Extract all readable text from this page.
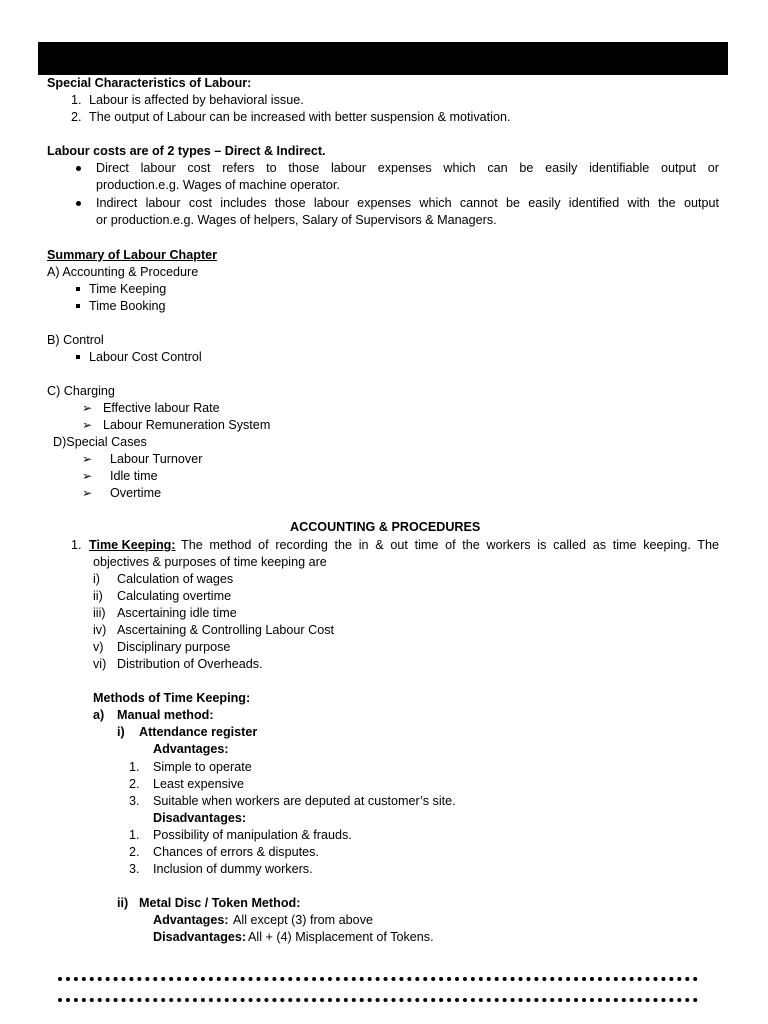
Special Characteristics of Labour:
1. Labour is affected by behavioral issue.
2. The output of Labour can be increased with better suspension & motivation.
Labour costs are of 2 types – Direct & Indirect.
Direct labour cost refers to those labour expenses which can be easily identifiable output or
production.e.g. Wages of machine operator.
Indirect labour cost includes those labour expenses which cannot be easily identified with the output
or production.e.g. Wages of helpers, Salary of Supervisors & Managers.
Summary of Labour Chapter
A) Accounting & Procedure
Time Keeping
Time Booking
B) Control
Labour Cost Control
C) Charging
➢ Effective labour Rate
➢ Labour Remuneration System
D)Special Cases
➢ Labour Turnover
➢ Idle time
➢ Overtime
ACCOUNTING & PROCEDURES
1. Time Keeping: The method of recording the in & out time of the workers is called as time keeping. The
objectives & purposes of time keeping are
i) Calculation of wages
ii) Calculating overtime
iii) Ascertaining idle time
iv) Ascertaining & Controlling Labour Cost
v) Disciplinary purpose
vi) Distribution of Overheads.
Methods of Time Keeping:
a) Manual method:
i) Attendance register
Advantages:
1. Simple to operate
2. Least expensive
3. Suitable when workers are deputed at customer’s site.
Disadvantages:
1. Possibility of manipulation & frauds.
2. Chances of errors & disputes.
3. Inclusion of dummy workers.
ii) Metal Disc / Token Method:
Advantages: All except (3) from above
Disadvantages: All + (4) Misplacement of Tokens.
